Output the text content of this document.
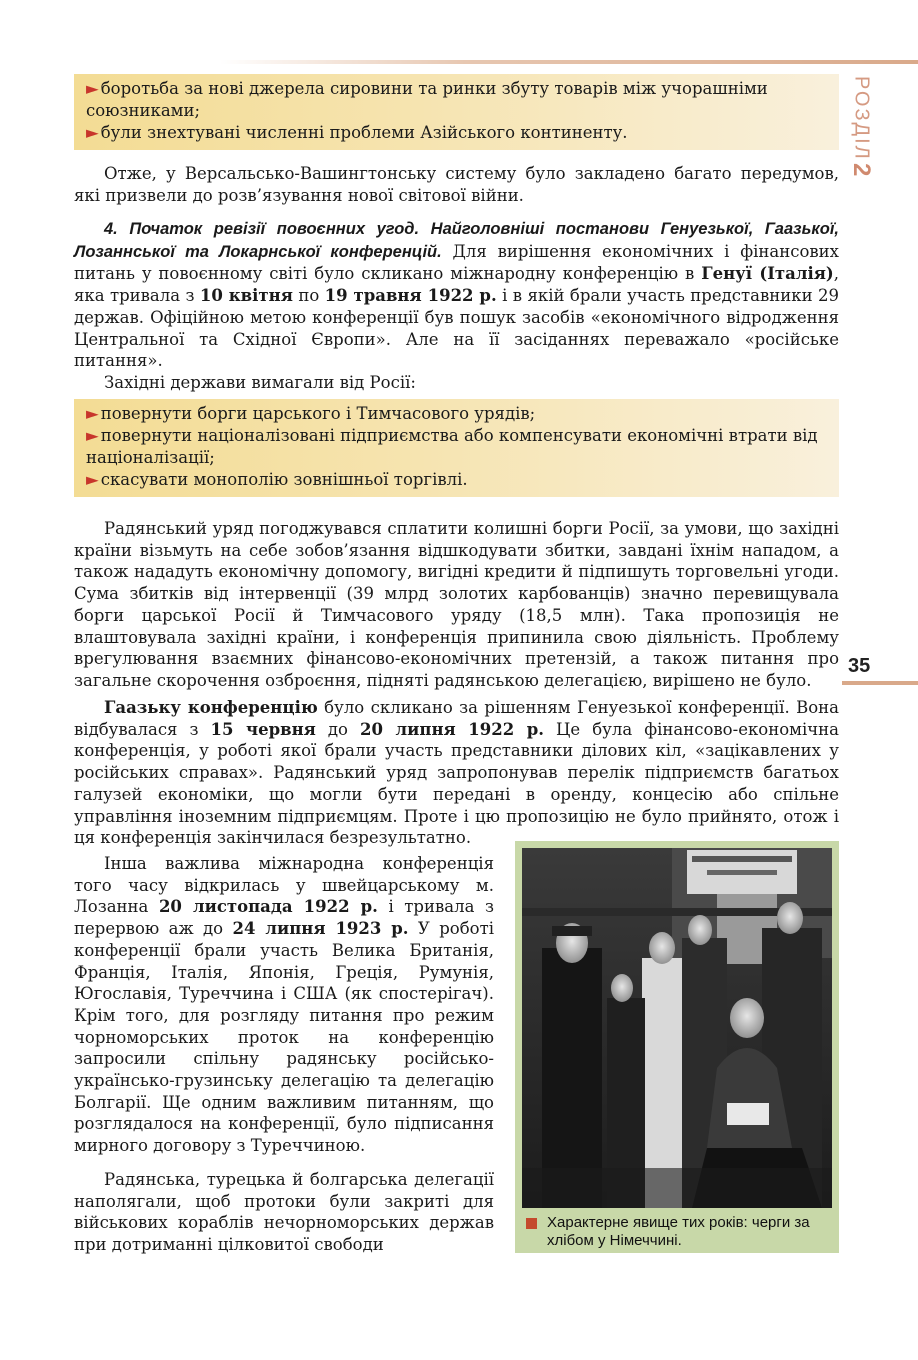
РОЗДІЛ
2
35
► боротьба за нові джерела сировини та ринки збуту товарів між учорашніми союзниками;
► були знехтувані численні проблеми Азійського континенту.

Отже, у Версальсько-Вашингтонську систему було закладено багато передумов, які призвели до розв’язування нової світової війни.

4. Початок ревізії повоєнних угод. Найголовніші постанови Генуезької, Гаазької, Лозаннської та Локарнської конференцій. Для вирішення економічних і фінансових питань у повоєнному світі було скликано міжнародну конференцію в Генуї (Італія), яка тривала з 10 квітня по 19 травня 1922 р. і в якій брали участь представники 29 держав. Офіційною метою конференції був пошук засобів «економічного відродження Центральної та Східної Європи». Але на її засіданнях переважало «російське питання».

Західні держави вимагали від Росії:

► повернути борги царського і Тимчасового урядів;
► повернути націоналізовані підприємства або компенсувати економічні втрати від націоналізації;
► скасувати монополію зовнішньої торгівлі.

Радянський уряд погоджувався сплатити колишні борги Росії, за умови, що західні країни візьмуть на себе зобов’язання відшкодувати збитки, завдані їхнім нападом, а також нададуть економічну допомогу, вигідні кредити й підпишуть торговельні угоди. Сума збитків від інтервенції (39 млрд золотих карбованців) значно перевищувала борги царської Росії й Тимчасового уряду (18,5 млн). Така пропозиція не влаштовувала західні країни, і конференція припинила свою діяльність. Проблему врегулювання взаємних фінансово-економічних претензій, а також питання про загальне скорочення озброєння, підняті радянською делегацією, вирішено не було.

Гаазьку конференцію було скликано за рішенням Генуезької конференції. Вона відбувалася з 15 червня до 20 липня 1922 р. Це була фінансово-економічна конференція, у роботі якої брали участь представники ділових кіл, «зацікавлених у російських справах». Радянський уряд запропонував перелік підприємств багатьох галузей економіки, що могли бути передані в оренду, концесію або спільне управління іноземним підприємцям. Проте і цю пропозицію не було прийнято, отож і ця конференція закінчилася безрезультатно.

Інша важлива міжнародна конференція того часу відкрилась у швейцарському м. Лозанна 20 листопада 1922 р. і тривала з перервою аж до 24 липня 1923 р. У роботі конференції брали участь Велика Британія, Франція, Італія, Японія, Греція, Румунія, Югославія, Туреччина і США (як спостерігач). Крім того, для розгляду питання про режим чорноморських проток на конференцію запросили спільну радянську російсько-українсько-грузинську делегацію та делегацію Болгарії. Ще одним важливим питанням, що розглядалося на конференції, було підписання мирного договору з Туреччиною.

Радянська, турецька й болгарська делегації наполягали, щоб протоки були закриті для військових кораблів нечорноморських держав при дотриманні цілковитої свободи

Характерне явище тих років: черги за хлібом у Німеччині.
